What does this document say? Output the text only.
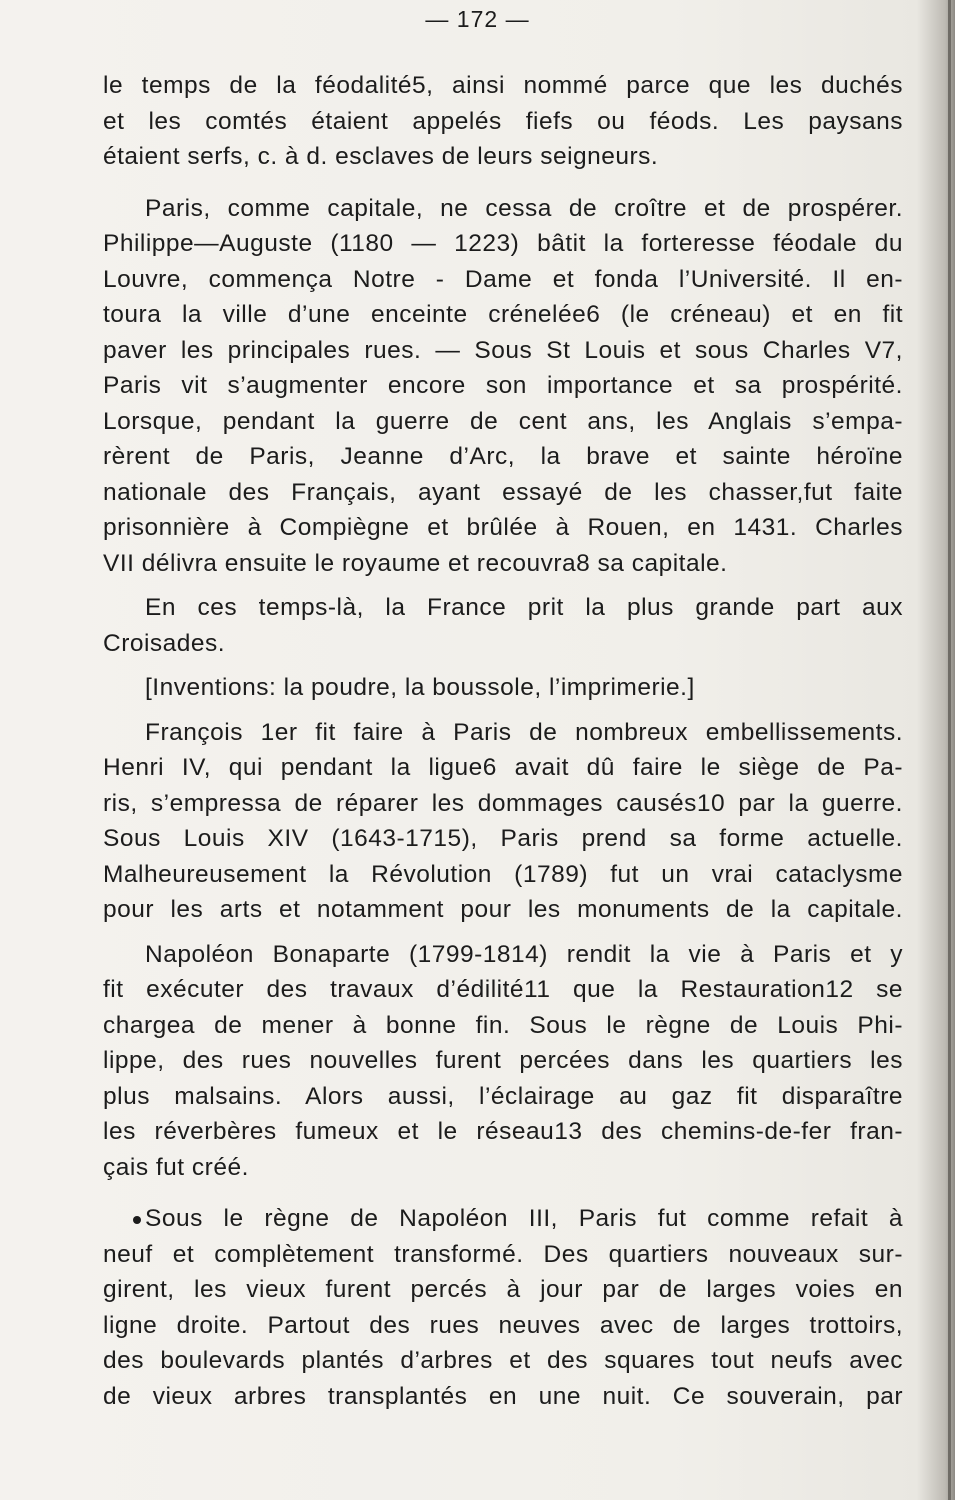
— 172 —
le temps de la féodalité5, ainsi nommé parce que les duchés
et les comtés étaient appelés fiefs ou féods. Les paysans
étaient serfs, c. à d. esclaves de leurs seigneurs.
Paris, comme capitale, ne cessa de croître et de prospérer.
Philippe—Auguste (1180 — 1223) bâtit la forteresse féodale du
Louvre, commença Notre - Dame et fonda l’Université. Il en-
toura la ville d’une enceinte crénelée6 (le créneau) et en fit
paver les principales rues. — Sous St Louis et sous Charles V7,
Paris vit s’augmenter encore son importance et sa prospérité.
Lorsque, pendant la guerre de cent ans, les Anglais s’empa-
rèrent de Paris, Jeanne d’Arc, la brave et sainte héroïne
nationale des Français, ayant essayé de les chasser,fut faite
prisonnière à Compiègne et brûlée à Rouen, en 1431. Charles
VII délivra ensuite le royaume et recouvra8 sa capitale.
En ces temps-là, la France prit la plus grande part aux
Croisades.
[Inventions: la poudre, la boussole, l’imprimerie.]
François 1er fit faire à Paris de nombreux embellissements.
Henri IV, qui pendant la ligue6 avait dû faire le siège de Pa-
ris, s’empressa de réparer les dommages causés10 par la guerre.
Sous Louis XIV (1643-1715), Paris prend sa forme actuelle.
Malheureusement la Révolution (1789) fut un vrai cataclysme
pour les arts et notamment pour les monuments de la capitale.
Napoléon Bonaparte (1799-1814) rendit la vie à Paris et y
fit exécuter des travaux d’édilité11 que la Restauration12 se
chargea de mener à bonne fin. Sous le règne de Louis Phi-
lippe, des rues nouvelles furent percées dans les quartiers les
plus malsains. Alors aussi, l’éclairage au gaz fit disparaître
les réverbères fumeux et le réseau13 des chemins-de-fer fran-
çais fut créé.
Sous le règne de Napoléon III, Paris fut comme refait à
neuf et complètement transformé. Des quartiers nouveaux sur-
girent, les vieux furent percés à jour par de larges voies en
ligne droite. Partout des rues neuves avec de larges trottoirs,
des boulevards plantés d’arbres et des squares tout neufs avec
de vieux arbres transplantés en une nuit. Ce souverain, par
